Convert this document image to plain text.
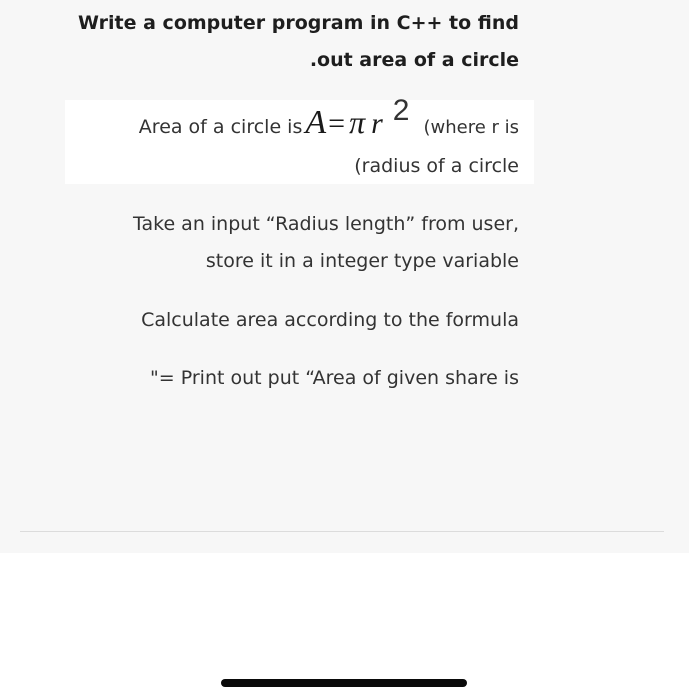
Write a computer program in C++ to find
.out area of a circle
Area of a circle is A = π r 2
(where r is
(radius of a circle
Take an input “Radius length” from user,
store it in a integer type variable
Calculate area according to the formula
"= Print out put “Area of given share is
